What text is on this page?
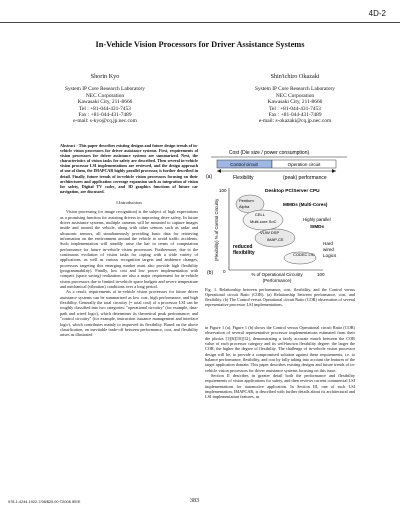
4D-2
In-Vehicle Vision Processors for Driver Assistance Systems
Shorin Kyo
System IP Core Research Laboratory
NEC Corporation
Kawasaki City, 211-8666
Tel : +81-044-431-7453
Fax : +81-044-431-7489
e-mail: s-kyo@cq.jp.nec.com
Shin'ichiro Okazaki
System IP Core Research Laboratory
NEC Corporation
Kawasaki City, 211-8666
Tel : +81-044-431-7453
Fax : +81-044-431-7489
e-mail: s-okazaki@cq.jp.nec.com

Abstract - This paper describes existing designs and future design trends of in-vehicle vision processors for driver assistance systems. First, requirements of vision processors for driver assistance systems are summarized. Next, the characteristics of vision tasks for safety are described. Then several in-vehicle vision processor LSI implementations are reviewed, and the design approach of one of them, the IMAPCAR highly parallel processor, is further described in detail. Finally, future trends of in-vehicle vision processors focusing on their architectures and application coverage expansion such as integration of vision for safety, Digital TV codec, and 3D graphics functions of future car navigation, are discussed.

I.Introduction

Vision processing (or image recognition) is the subject of high expectations as a promising function for assisting drivers in improving drive safety. In future driver assistance systems, multiple cameras will be mounted to capture images inside and around the vehicle, along with other sensors such as radar and ultrasonic sensors, all simultaneously providing basic data for retrieving information on the environment around the vehicle to avoid traffic accidents. Such implementation will steadily raise the bar in terms of computation performance for future in-vehicle vision processors. Furthermore, due to the continuous evolution of vision tasks for coping with a wide variety of applications, as well as various recognition targets and ambience changes, processors targeting this emerging market must also provide high flexibility (programmability). Finally, low cost and low power implementation with compact (space saving) realization are also a major requirement for in-vehicle vision processors due to limited in-vehicle space budgets and severe temperature and mechanical (vibration) conditions over a long period.

As a result, requirements of in-vehicle vision processors for future driver assistance systems can be summarized as low cost, high performance, and high flexibility. Generally the total circuitry (= total cost) of a processor LSI can be roughly classified into two categories: "operational circuitry" (for example, data-path and wired logic), which determines its theoretical peak performance; and "control circuitry" (for example, instruction issuance management and interface logic), which contributes mainly to improved its flexibility. Based on the above classification, an inevitable trade-off between performance, cost, and flexibility arises as illustrated

Cost (Die size / power consumption)
(a)
Control circuit	Operation circuit
Flexibility	(peak) performance
100
0
100
(Flexibility) % of Control Circuitry
% of Operational Circuitry
(Performance)
(b)
Desktop PC/Server CPU
Pentium
Alpha	MIMDs (Multi-Cores)
CELL
Multi-core SoC	Highly parallel
VLIW DSP
IMAP-CE
SIMDs
reduced
flexibility
Hard
wired
Logics
CODEC LSI
Fig. 1. Relationship between performance, cost, flexibility, and the Control versus Operational circuit Ratio (COR). (a) Relationship between performance, cost, and flexibility. (b) The Control versus Operational circuit Ratio (COR) observation of several representative processor LSI implementations.

in Figure 1 (a). Figure 1 (b) shows the Control versus Operational circuit Ratio (COR) observation of several representative processor implementations estimated from their die photos [1][6][10][12], demonstrating a fairly accurate match between the COR value of each processor category and its well-known flexibility degree: the larger the COR, the higher the degree of flexibility. The challenge of in-vehicle vision processor design will be, to provide a compromised solution against these requirements, i.e. to balance performance, flexibility, and cost by fully taking into account the features of the target application domain. This paper describes existing designs and future trends of in-vehicle vision processors for driver assistance systems focusing on this issue.

Section II describes in greater detail both the performance and flexibility requirements of vision applications for safety, and then reviews current commercial LSI implementations for automotive application. In Section III, one of such LSI implementation, IMAPCAR, is described with further details about its architectural and LSI implementation features, as

978-1-4244-1922-7/08/$25.00 ©2008 IEEE	383
